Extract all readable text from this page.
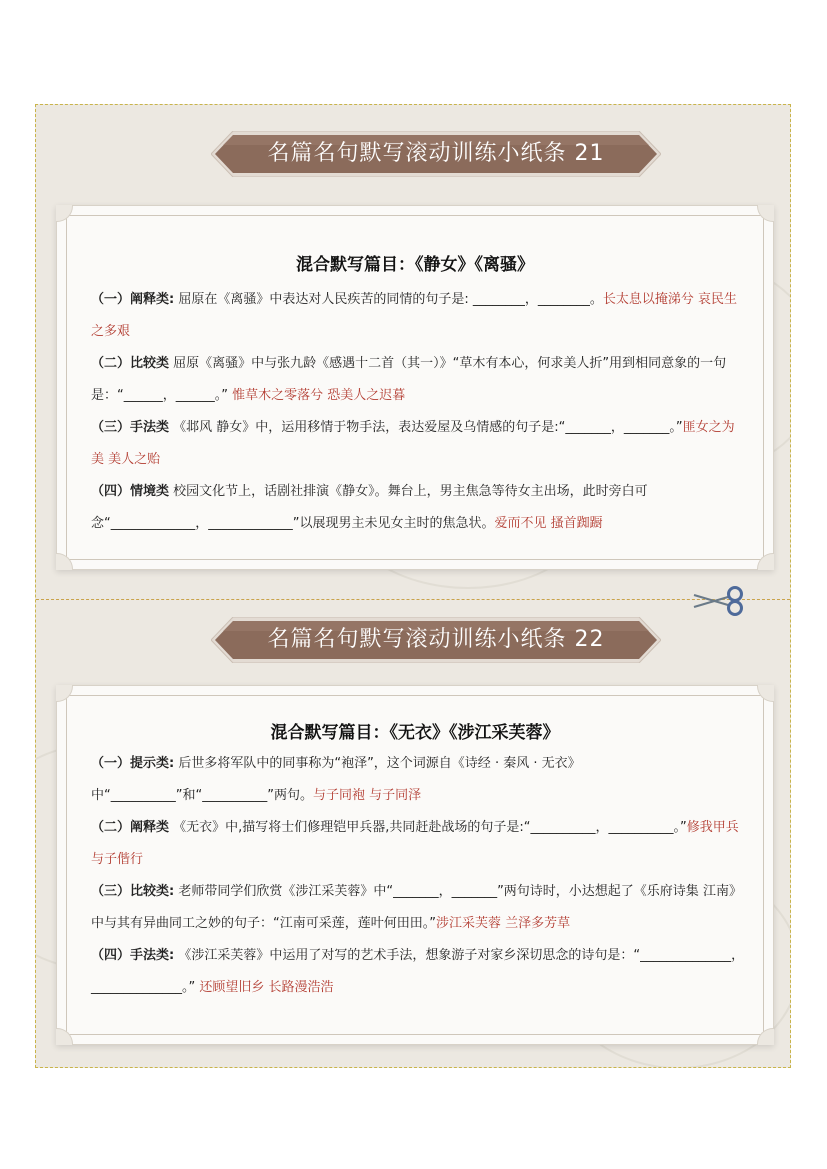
名篇名句默写滚动训练小纸条 21
混合默写篇目：《静女》《离骚》
（一）阐释类: 屈原在《离骚》中表达对人民疾苦的同情的句子是: ________，________。长太息以掩涕兮 哀民生之多艰
（二）比较类 屈原《离骚》中与张九龄《感遇十二首（其一）》“草木有本心，何求美人折”用到相同意象的一句是：“______，______。” 惟草木之零落兮 恐美人之迟暮
（三）手法类 《邶风 静女》中，运用移情于物手法，表达爱屋及乌情感的句子是:“_______，_______。”匪女之为美 美人之贻
（四）情境类 校园文化节上，话剧社排演《静女》。舞台上，男主焦急等待女主出场，此时旁白可念“_____________，_____________”以展现男主未见女主时的焦急状。爱而不见 搔首踟蹰
名篇名句默写滚动训练小纸条 22
混合默写篇目：《无衣》《涉江采芙蓉》
（一）提示类: 后世多将军队中的同事称为“袍泽”，这个词源自《诗经 · 秦风 · 无衣》中“__________”和“__________”两句。与子同袍 与子同泽
（二）阐释类 《无衣》中,描写将士们修理铠甲兵器,共同赶赴战场的句子是:“__________，__________。”修我甲兵 与子偕行
（三）比较类: 老师带同学们欣赏《涉江采芙蓉》中“_______，_______”两句诗时，小达想起了《乐府诗集 江南》中与其有异曲同工之妙的句子：“江南可采莲，莲叶何田田。”涉江采芙蓉 兰泽多芳草
（四）手法类: 《涉江采芙蓉》中运用了对写的艺术手法，想象游子对家乡深切思念的诗句是：“______________，______________。” 还顾望旧乡 长路漫浩浩
